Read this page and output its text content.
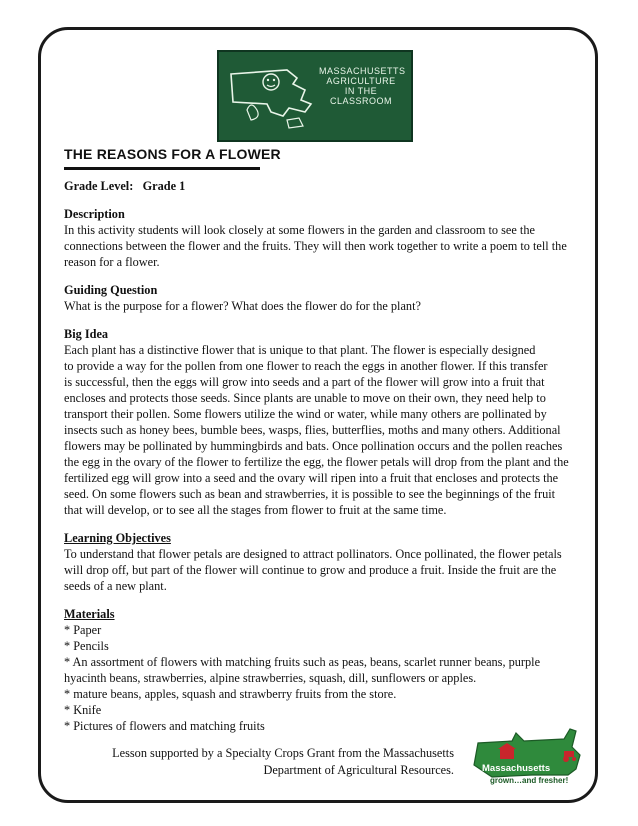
MASSACHUSETTS
AGRICULTURE
IN THE CLASSROOM
THE REASONS FOR A FLOWER

Grade Level: Grade 1

Description
In this activity students will look closely at some flowers in the garden and classroom to see the
connections between the flower and the fruits. They will then work together to write a poem to tell the
reason for a flower.

Guiding Question
What is the purpose for a flower? What does the flower do for the plant?

Big Idea
Each plant has a distinctive flower that is unique to that plant. The flower is especially designed
to provide a way for the pollen from one flower to reach the eggs in another flower. If this transfer
is successful, then the eggs will grow into seeds and a part of the flower will grow into a fruit that
encloses and protects those seeds. Since plants are unable to move on their own, they need help to
transport their pollen. Some flowers utilize the wind or water, while many others are pollinated by
insects such as honey bees, bumble bees, wasps, flies, butterflies, moths and many others. Additional
flowers may be pollinated by hummingbirds and bats. Once pollination occurs and the pollen reaches
the egg in the ovary of the flower to fertilize the egg, the flower petals will drop from the plant and the
fertilized egg will grow into a seed and the ovary will ripen into a fruit that encloses and protects the
seed. On some flowers such as bean and strawberries, it is possible to see the beginnings of the fruit
that will develop, or to see all the stages from flower to fruit at the same time.

Learning Objectives
To understand that flower petals are designed to attract pollinators. Once pollinated, the flower petals
will drop off, but part of the flower will continue to grow and produce a fruit. Inside the fruit are the
seeds of a new plant.

Materials
* Paper
* Pencils
* An assortment of flowers with matching fruits such as peas, beans, scarlet runner beans, purple
hyacinth beans, strawberries, alpine strawberries, squash, dill, sunflowers or apples.
* mature beans, apples, squash and strawberry fruits from the store.
* Knife
* Pictures of flowers and matching fruits

Lesson supported by a Specialty Crops Grant from the Massachusetts
Department of Agricultural Resources.	Massachusetts
grown…and fresher!
